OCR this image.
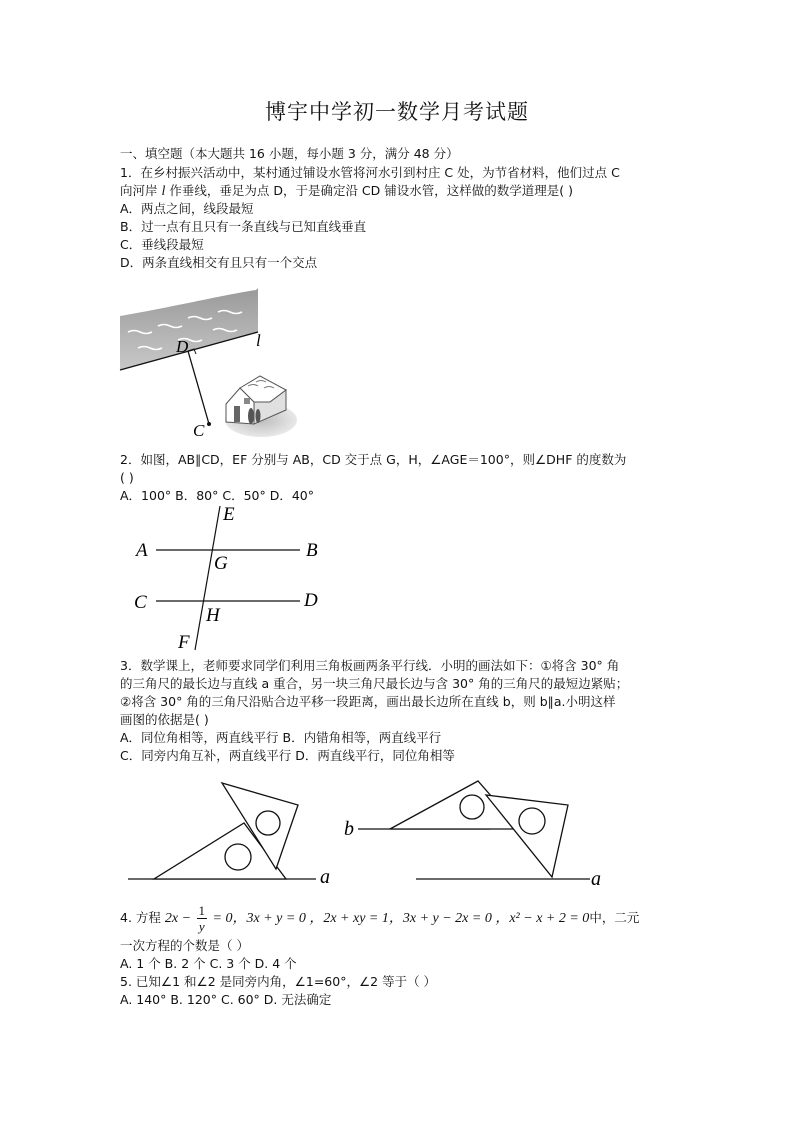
博宇中学初一数学月考试题
一、填空题（本大题共 16 小题，每小题 3 分，满分 48 分）
1．在乡村振兴活动中，某村通过铺设水管将河水引到村庄 C 处，为节省材料，他们过点 C
向河岸 l 作垂线，垂足为点 D，于是确定沿 CD 铺设水管，这样做的数学道理是( )
A．两点之间，线段最短
B．过一点有且只有一条直线与已知直线垂直
C．垂线段最短
D．两条直线相交有且只有一个交点
D	l
C
2．如图，AB∥CD，EF 分别与 AB，CD 交于点 G，H，∠AGE＝100°，则∠DHF 的度数为
( )
A．100° B．80° C．50° D．40°
E
A	B
G
C	D
H
F
3．数学课上，老师要求同学们利用三角板画两条平行线．小明的画法如下：①将含 30° 角
的三角尺的最长边与直线 a 重合，另一块三角尺最长边与含 30° 角的三角尺的最短边紧贴；
②将含 30° 角的三角尺沿贴合边平移一段距离，画出最长边所在直线 b，则 b∥a.小明这样
画图的依据是( )
A．同位角相等，两直线平行 B．内错角相等，两直线平行
C．同旁内角互补，两直线平行 D．两直线平行，同位角相等
a
b
a
4. 方程 $2x - \frac{1}{y} = 0$，3x + y = 0 ，2x + xy = 1，3x + y − 2x = 0 ，x² − x + 2 = 0中，二元
一次方程的个数是（ ）
A. 1 个 B. 2 个 C. 3 个 D. 4 个
5. 已知∠1 和∠2 是同旁内角，∠1=60°，∠2 等于（ ）
A. 140° B. 120° C. 60° D. 无法确定
